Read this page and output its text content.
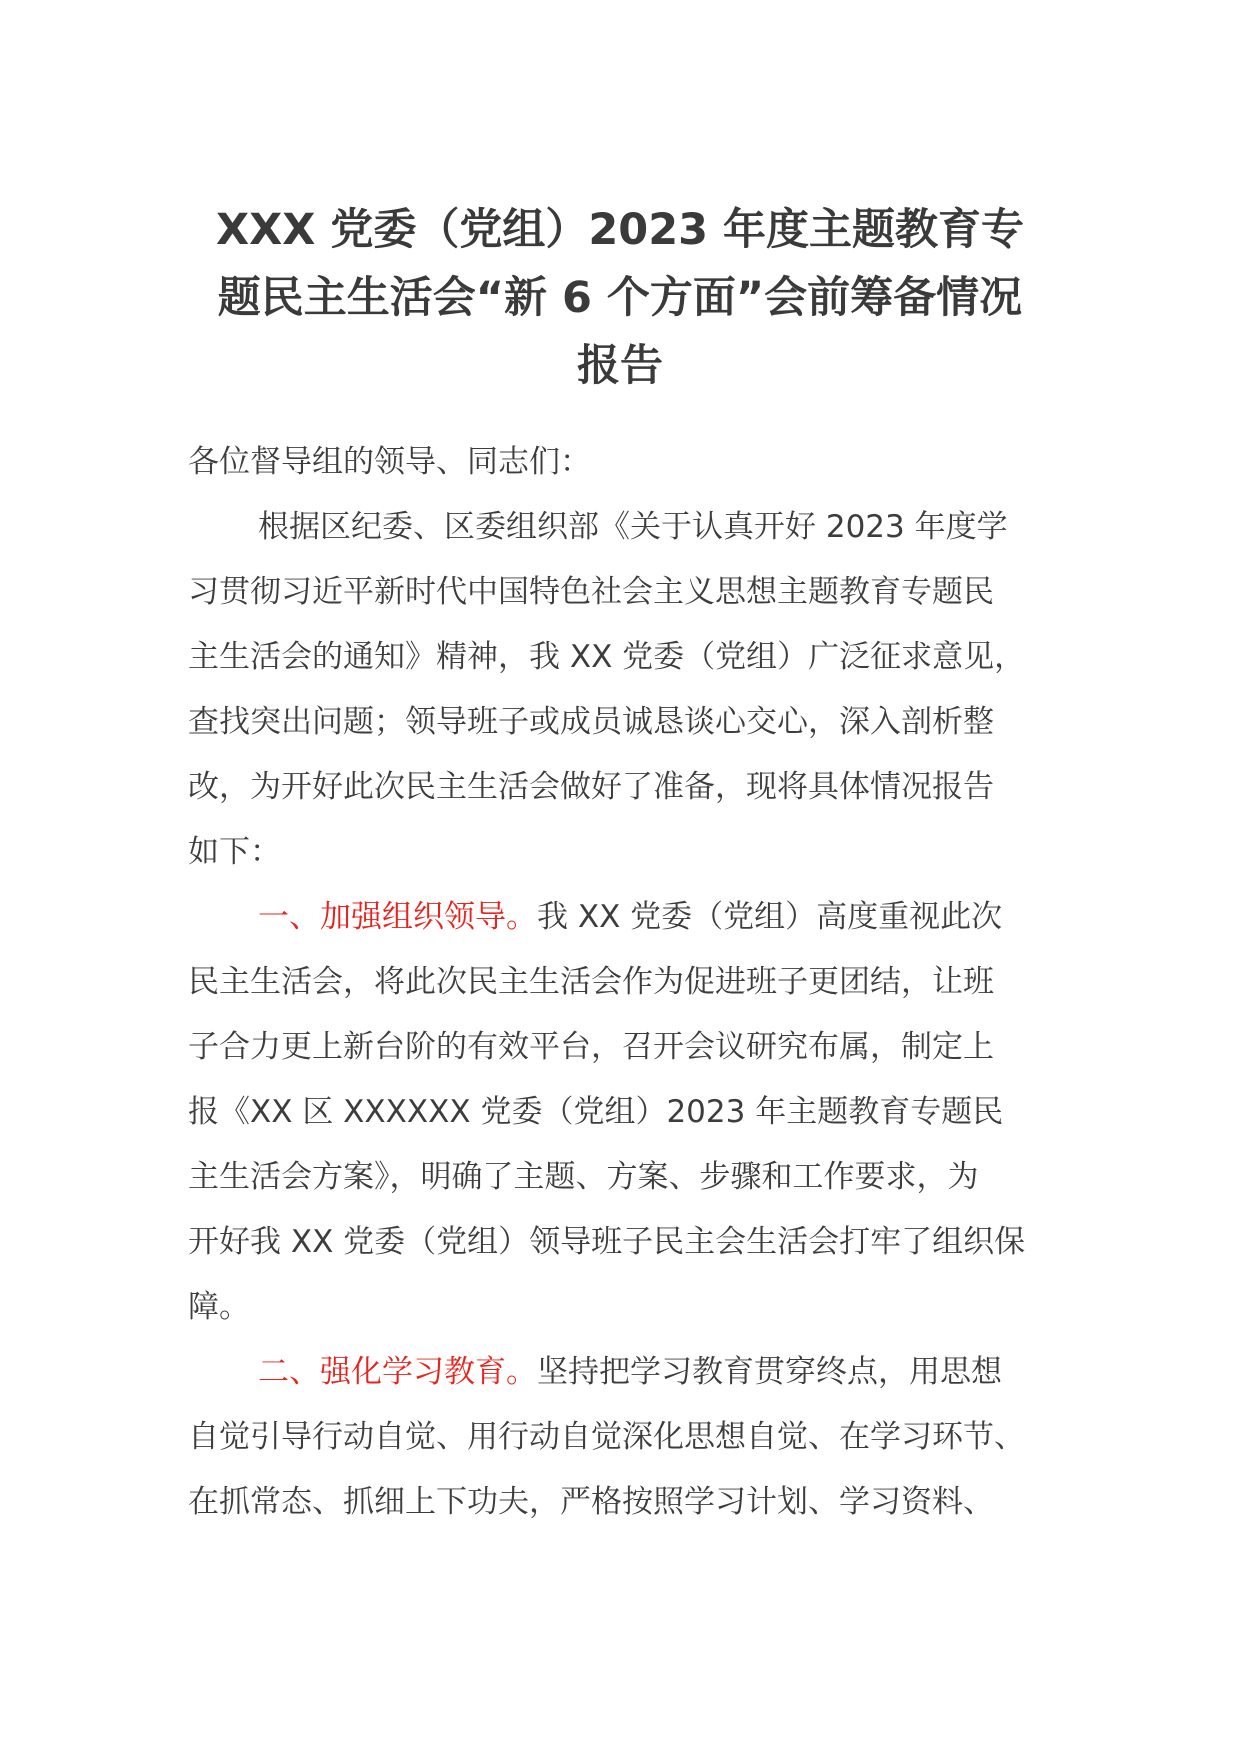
XXX 党委（党组）2023 年度主题教育专
题民主生活会“新 6 个方面”会前筹备情况
报告
各位督导组的领导、同志们：
根据区纪委、区委组织部《关于认真开好 2023 年度学
习贯彻习近平新时代中国特色社会主义思想主题教育专题民
主生活会的通知》精神，我 XX 党委（党组）广泛征求意见，
查找突出问题；领导班子或成员诚恳谈心交心，深入剖析整
改，为开好此次民主生活会做好了准备，现将具体情况报告
如下：
一、加强组织领导。我 XX 党委（党组）高度重视此次
民主生活会，将此次民主生活会作为促进班子更团结，让班
子合力更上新台阶的有效平台，召开会议研究布属，制定上
报《XX 区 XXXXXX 党委（党组）2023 年主题教育专题民
主生活会方案》，明确了主题、方案、步骤和工作要求，为
开好我 XX 党委（党组）领导班子民主会生活会打牢了组织保
障。
二、强化学习教育。坚持把学习教育贯穿终点，用思想
自觉引导行动自觉、用行动自觉深化思想自觉、在学习环节、
在抓常态、抓细上下功夫，严格按照学习计划、学习资料、
